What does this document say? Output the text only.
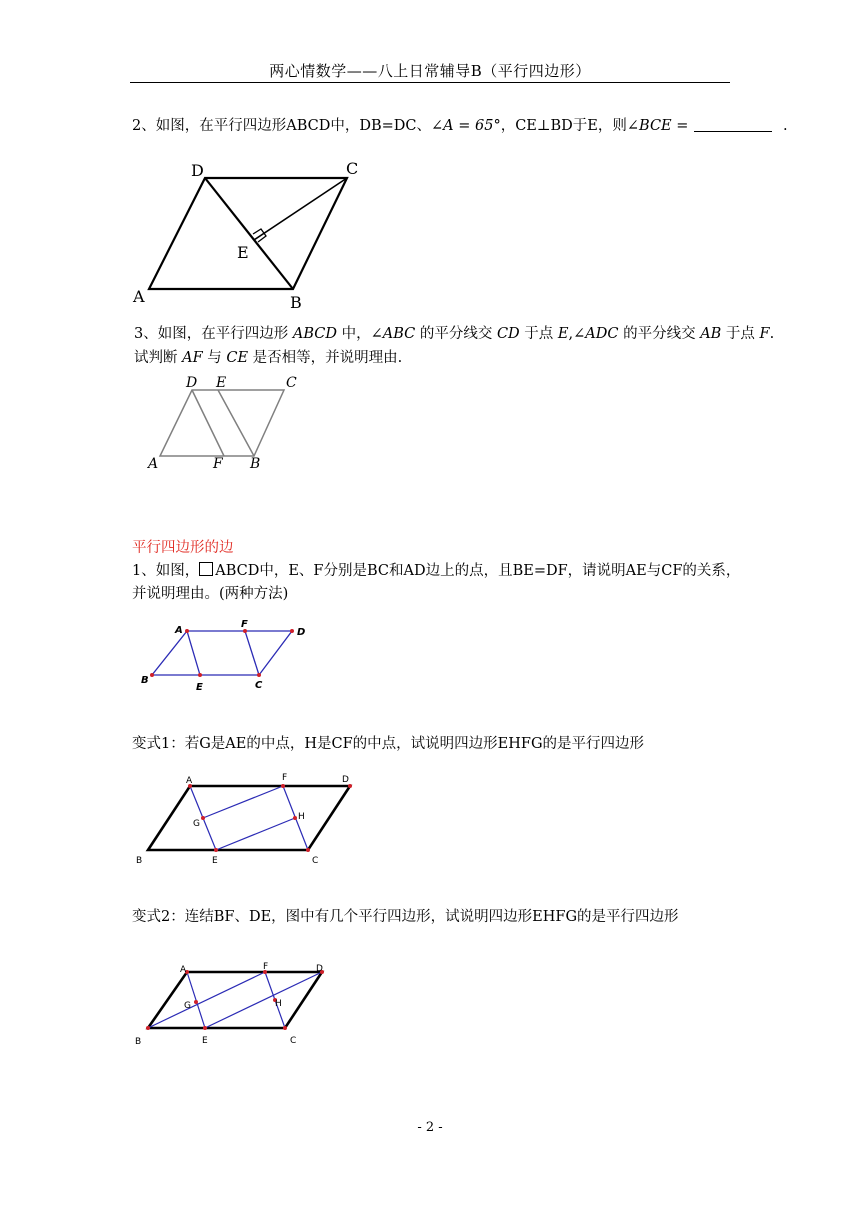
两心情数学——八上日常辅导B（平行四边形）
2、如图，在平行四边形ABCD中，DB=DC、∠A = 65°，CE⊥BD于E，则∠BCE =	.
D	C
E
A	B
3、如图，在平行四边形 ABCD 中，∠ABC 的平分线交 CD 于点 E,∠ADC 的平分线交 AB 于点 F.
试判断 AF 与 CE 是否相等，并说明理由.
D E	C
A	F B
平行四边形的边
1、如图， ABCD中，E、F分别是BC和AD边上的点，且BE=DF，请说明AE与CF的关系，
并说明理由。(两种方法)
A
F
D
B
E	C
变式1：若G是AE的中点，H是CF的中点，试说明四边形EHFG的是平行四边形
A	F	D
G
H
B	E	C
变式2：连结BF、DE，图中有几个平行四边形，试说明四边形EHFG的是平行四边形
A	F	D
G	H
B	E	C
- 2 -
